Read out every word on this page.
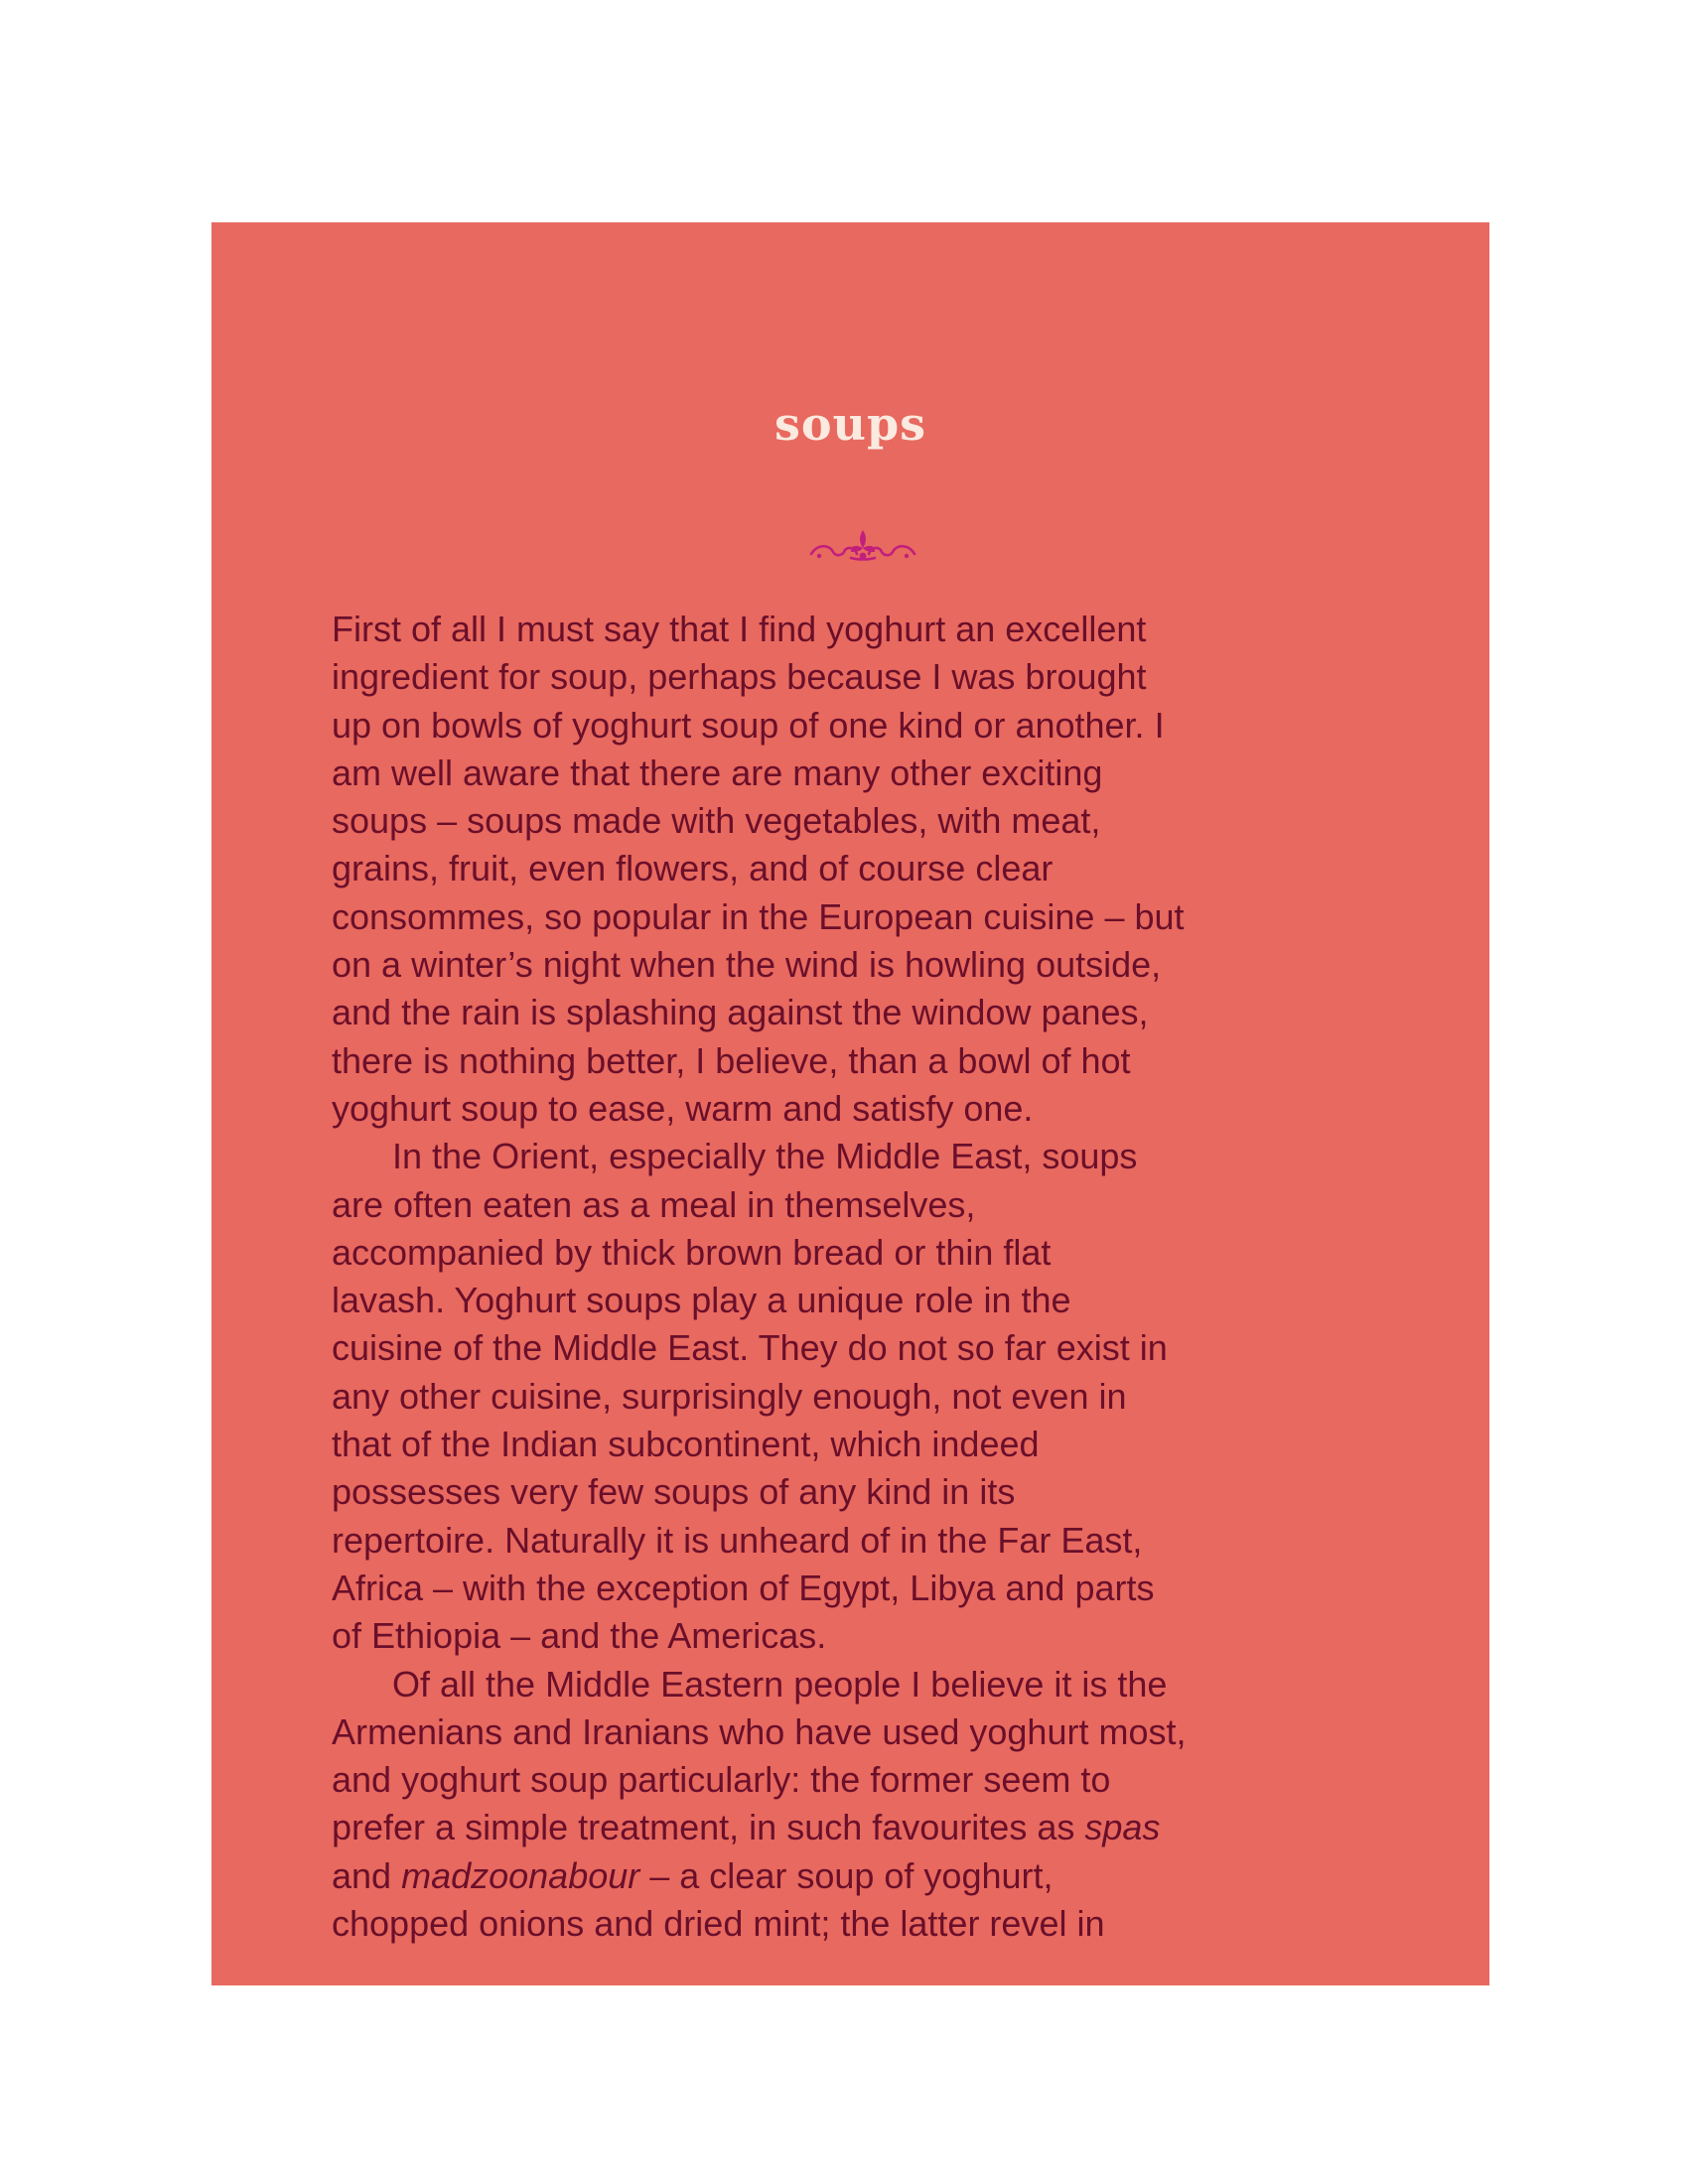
soups
First of all I must say that I find yoghurt an excellent
ingredient for soup, perhaps because I was brought
up on bowls of yoghurt soup of one kind or another. I
am well aware that there are many other exciting
soups – soups made with vegetables, with meat,
grains, fruit, even flowers, and of course clear
consommes, so popular in the European cuisine – but
on a winter’s night when the wind is howling outside,
and the rain is splashing against the window panes,
there is nothing better, I believe, than a bowl of hot
yoghurt soup to ease, warm and satisfy one.
In the Orient, especially the Middle East, soups
are often eaten as a meal in themselves,
accompanied by thick brown bread or thin flat
lavash. Yoghurt soups play a unique role in the
cuisine of the Middle East. They do not so far exist in
any other cuisine, surprisingly enough, not even in
that of the Indian subcontinent, which indeed
possesses very few soups of any kind in its
repertoire. Naturally it is unheard of in the Far East,
Africa – with the exception of Egypt, Libya and parts
of Ethiopia – and the Americas.
Of all the Middle Eastern people I believe it is the
Armenians and Iranians who have used yoghurt most,
and yoghurt soup particularly: the former seem to
prefer a simple treatment, in such favourites as spas
and madzoonabour – a clear soup of yoghurt,
chopped onions and dried mint; the latter revel in
